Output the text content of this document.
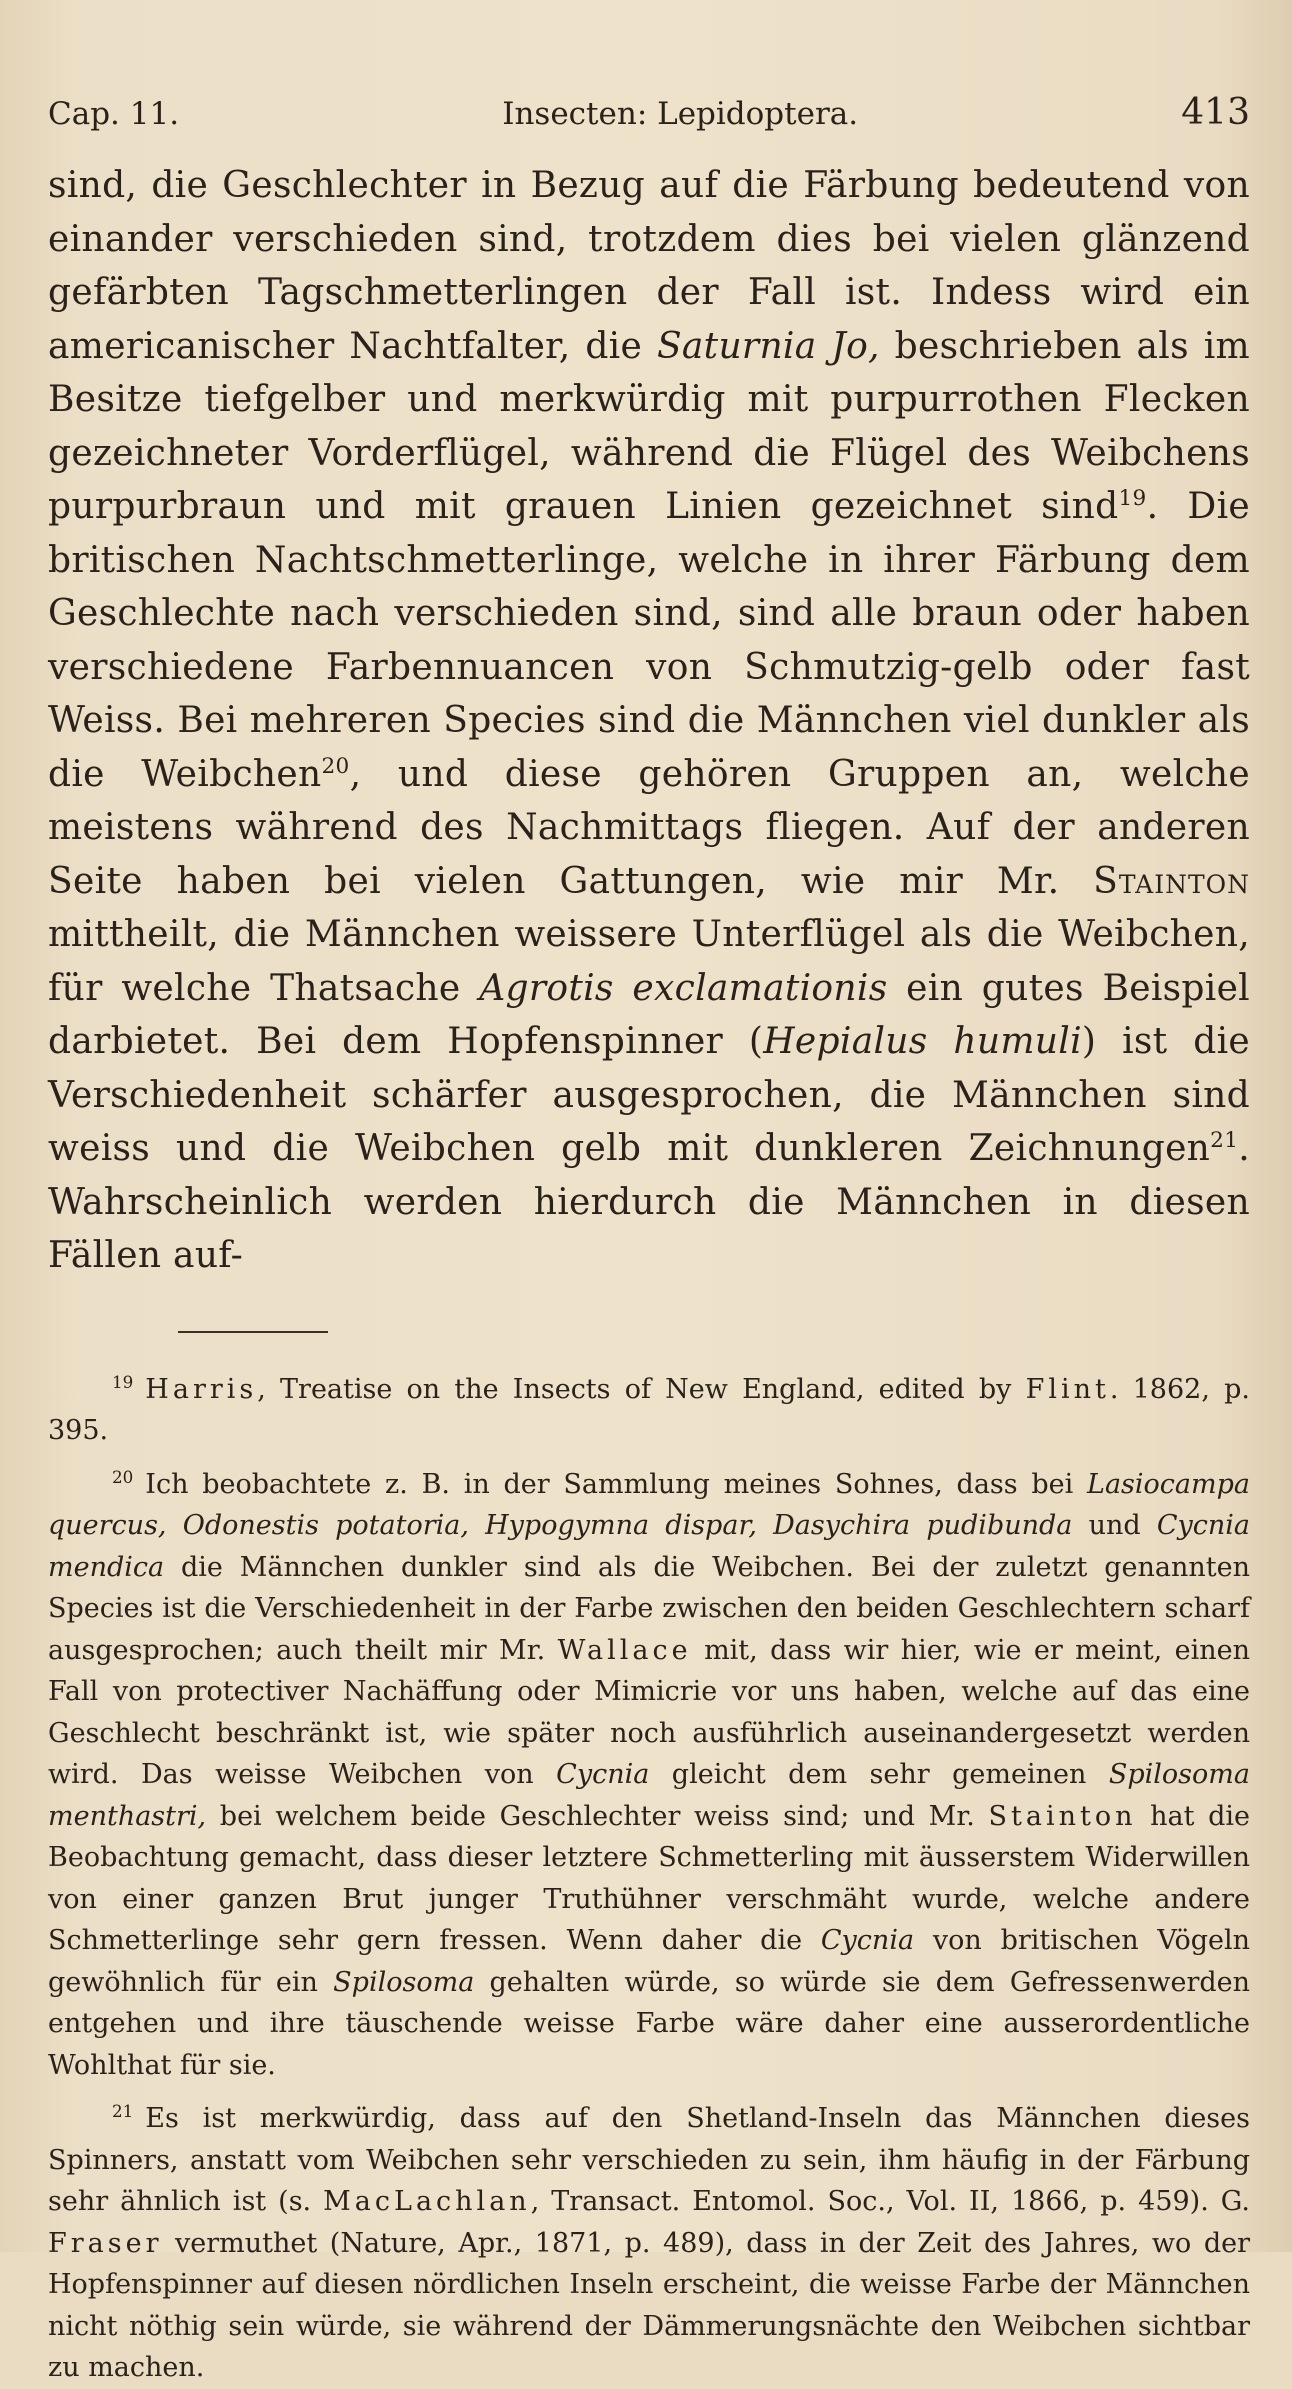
Cap. 11.	Insecten: Lepidoptera.	413

sind, die Geschlechter in Bezug auf die Färbung bedeutend von einander verschieden sind, trotzdem dies bei vielen glänzend gefärbten Tagschmetterlingen der Fall ist. Indess wird ein americanischer Nachtfalter, die Saturnia Jo, beschrieben als im Besitze tiefgelber und merkwürdig mit purpurrothen Flecken gezeichneter Vorderflügel, während die Flügel des Weibchens purpurbraun und mit grauen Linien gezeichnet sind$^{19}$. Die britischen Nachtschmetterlinge, welche in ihrer Färbung dem Geschlechte nach verschieden sind, sind alle braun oder haben verschiedene Farbennuancen von Schmutzig-gelb oder fast Weiss. Bei mehreren Species sind die Männchen viel dunkler als die Weibchen$^{20}$, und diese gehören Gruppen an, welche meistens während des Nachmittags fliegen. Auf der anderen Seite haben bei vielen Gattungen, wie mir Mr. Stainton mittheilt, die Männchen weissere Unterflügel als die Weibchen, für welche Thatsache Agrotis exclamationis ein gutes Beispiel darbietet. Bei dem Hopfenspinner (Hepialus humuli) ist die Verschiedenheit schärfer ausgesprochen, die Männchen sind weiss und die Weibchen gelb mit dunkleren Zeichnungen$^{21}$. Wahrscheinlich werden hierdurch die Männchen in diesen Fällen auf-

$^{19}$ Harris, Treatise on the Insects of New England, edited by Flint. 1862, p. 395.

$^{20}$ Ich beobachtete z. B. in der Sammlung meines Sohnes, dass bei Lasiocampa quercus, Odonestis potatoria, Hypogymna dispar, Dasychira pudibunda und Cycnia mendica die Männchen dunkler sind als die Weibchen. Bei der zuletzt genannten Species ist die Verschiedenheit in der Farbe zwischen den beiden Geschlechtern scharf ausgesprochen; auch theilt mir Mr. Wallace mit, dass wir hier, wie er meint, einen Fall von protectiver Nachäffung oder Mimicrie vor uns haben, welche auf das eine Geschlecht beschränkt ist, wie später noch ausführlich auseinandergesetzt werden wird. Das weisse Weibchen von Cycnia gleicht dem sehr gemeinen Spilosoma menthastri, bei welchem beide Geschlechter weiss sind; und Mr. Stainton hat die Beobachtung gemacht, dass dieser letztere Schmetterling mit äusserstem Widerwillen von einer ganzen Brut junger Truthühner verschmäht wurde, welche andere Schmetterlinge sehr gern fressen. Wenn daher die Cycnia von britischen Vögeln gewöhnlich für ein Spilosoma gehalten würde, so würde sie dem Gefressenwerden entgehen und ihre täuschende weisse Farbe wäre daher eine ausserordentliche Wohlthat für sie.

$^{21}$ Es ist merkwürdig, dass auf den Shetland-Inseln das Männchen dieses Spinners, anstatt vom Weibchen sehr verschieden zu sein, ihm häufig in der Färbung sehr ähnlich ist (s. MacLachlan, Transact. Entomol. Soc., Vol. II, 1866, p. 459). G. Fraser vermuthet (Nature, Apr., 1871, p. 489), dass in der Zeit des Jahres, wo der Hopfenspinner auf diesen nördlichen Inseln erscheint, die weisse Farbe der Männchen nicht nöthig sein würde, sie während der Dämmerungsnächte den Weibchen sichtbar zu machen.
